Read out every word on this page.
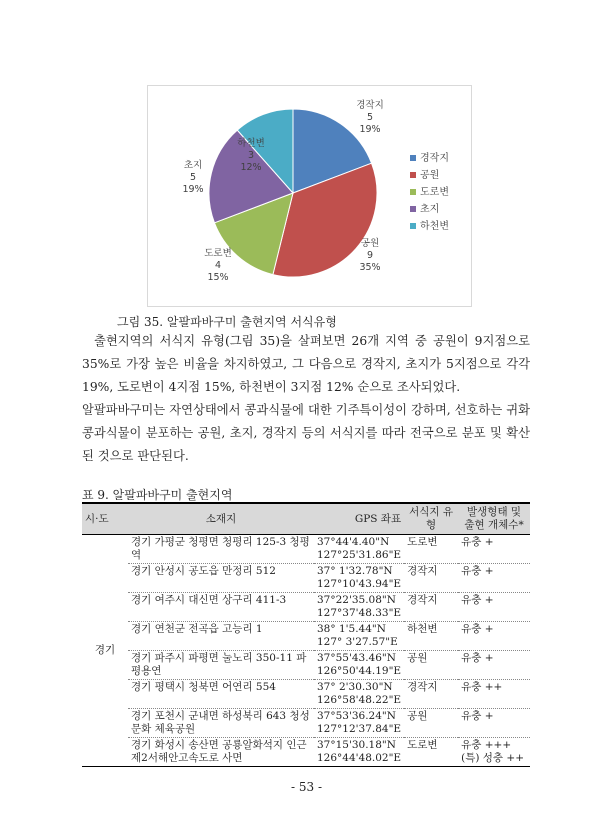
경작지
5
19%
경작지
공원
9
35%
공원
도로변
4
15%
도로변
초지
5
19%
초지
하천변
3
12%
하천변
그림 35. 알팔파바구미 출현지역 서식유형

출현지역의 서식지 유형(그림 35)을 살펴보면 26개 지역 중 공원이 9지점으로 35%로 가장 높은 비율을 차지하였고, 그 다음으로 경작지, 초지가 5지점으로 각각 19%, 도로변이 4지점 15%, 하천변이 3지점 12% 순으로 조사되었다.

알팔파바구미는 자연상태에서 콩과식물에 대한 기주특이성이 강하며, 선호하는 귀화 콩과식물이 분포하는 공원, 초지, 경작지 등의 서식지를 따라 전국으로 분포 및 확산된 것으로 판단된다.

표 9. 알팔파바구미 출현지역
시·도	소재지	GPS 좌표	서식지 유형	발생형태 및 출현 개체수*
경기	경기 가평군 청평면 청평리 125-3 청평역	37°44'4.40"N 127°25'31.86"E	도로변	유충 +
	경기 안성시 공도읍 만정리 512	37° 1'32.78"N 127°10'43.94"E	경작지	유충 +
	경기 여주시 대신면 상구리 411-3	37°22'35.08"N 127°37'48.33"E	경작지	유충 +
	경기 연천군 전곡읍 고능리 1	38° 1'5.44"N 127° 3'27.57"E	하천변	유충 +
	경기 파주시 파평면 눌노리 350-11 파평용연	37°55'43.46"N 126°50'44.19"E	공원	유충 +
	경기 평택시 청북면 어연리 554	37° 2'30.30"N 126°58'48.22"E	경작지	유충 ++
	경기 포천시 군내면 하성북리 643 청성문화 체육공원	37°53'36.24"N 127°12'37.84"E	공원	유충 +
	경기 화성시 송산면 공룡알화석지 인근 제2서해안고속도로 사면	37°15'30.18"N 126°44'48.02"E	도로변	유충 +++(특) 성충 ++
- 53 -
